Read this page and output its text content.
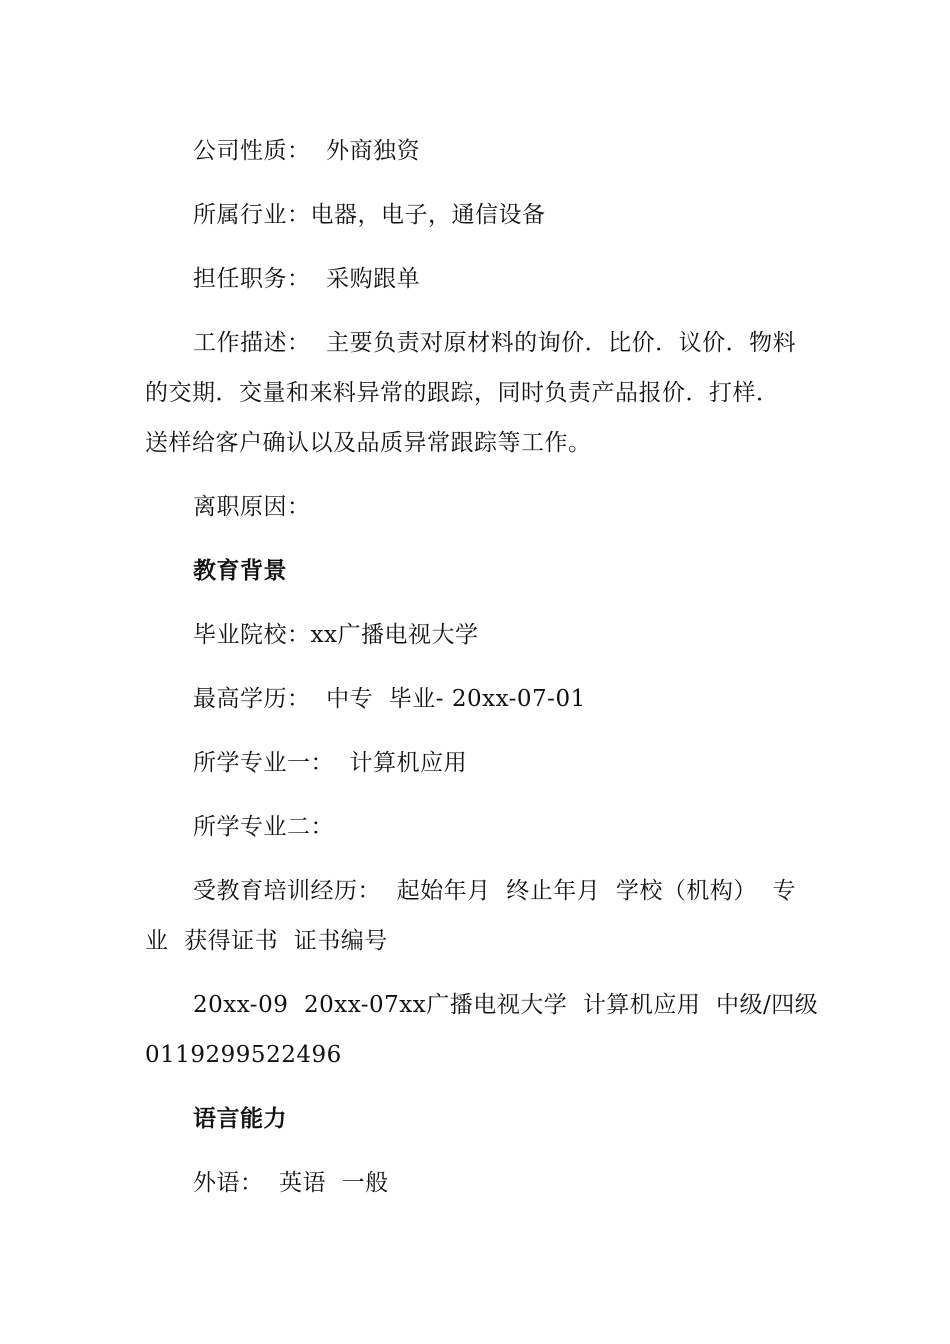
公司性质：  外商独资
所属行业：电器，电子，通信设备
担任职务：  采购跟单
工作描述：  主要负责对原材料的询价．比价．议价．物料
的交期．交量和来料异常的跟踪，同时负责产品报价．打样．
送样给客户确认以及品质异常跟踪等工作。
离职原因：
教育背景
毕业院校：xx广播电视大学
最高学历：  中专  毕业- 20xx-07-01
所学专业一：  计算机应用
所学专业二：
受教育培训经历：  起始年月  终止年月  学校（机构）  专
业  获得证书  证书编号
20xx-09  20xx-07xx广播电视大学  计算机应用  中级/四级
0119299522496
语言能力
外语：  英语  一般
